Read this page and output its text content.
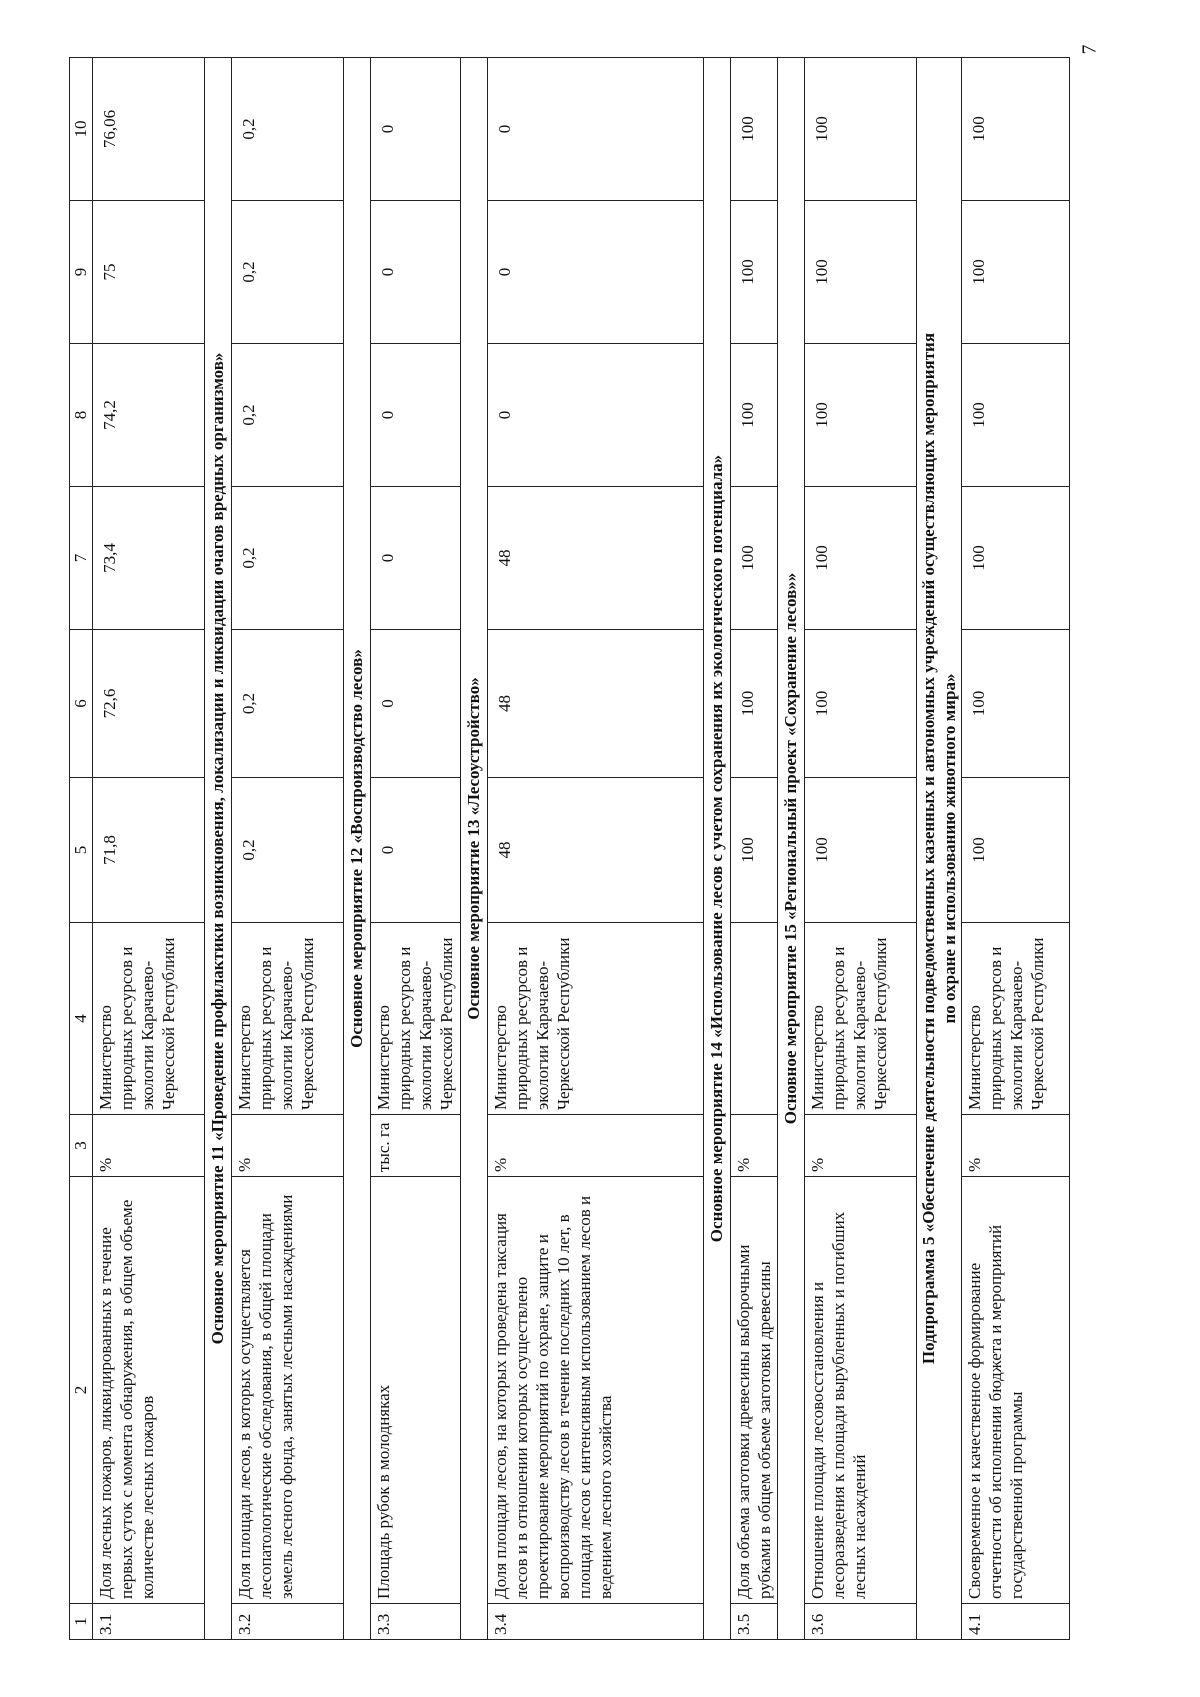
7
1	2	3	4	5	6	7	8	9	10
3.1	Доля лесных пожаров, ликвидированных в течение первых суток с момента обнаружения, в общем объеме количестве лесных пожаров	%	Министерство природных ресурсов и экологии Карачаево-Черкесской Республики	71,8	72,6	73,4	74,2	75	76,06
Основное мероприятие 11 «Проведение профилактики возникновения, локализации и ликвидации очагов вредных организмов»									
3.2	Доля площади лесов, в которых осуществляется лесопатологические обследования, в общей площади земель лесного фонда, занятых лесными насаждениями	%	Министерство природных ресурсов и экологии Карачаево-Черкесской Республики	0,2	0,2	0,2	0,2	0,2	0,2
Основное мероприятие 12 «Воспроизводство лесов»									
3.3	Площадь рубок в молодняках	тыс. га	Министерство природных ресурсов и экологии Карачаево-Черкесской Республики	0	0	0	0	0	0
Основное мероприятие 13 «Лесоустройство»									
3.4	Доля площади лесов, на которых проведена таксация лесов и в отношении которых осуществлено проектирование мероприятий по охране, защите и воспроизводству лесов в течение последних 10 лет, в площади лесов с интенсивным использованием лесов и ведением лесного хозяйства	%	Министерство природных ресурсов и экологии Карачаево-Черкесской Республики	48	48	48	0	0	0
Основное мероприятие 14 «Использование лесов с учетом сохранения их экологического потенциала»									
3.5	Доля объема заготовки древесины выборочными рубками в общем объеме заготовки древесины	%		100	100	100	100	100	100
Основное мероприятие 15 «Региональный проект «Сохранение лесов»»									
3.6	Отношение площади лесовосстановления и лесоразведения к площади вырубленных и погибших лесных насаждений	%	Министерство природных ресурсов и экологии Карачаево-Черкесской Республики	100	100	100	100	100	100

Подпрограмма 5 «Обеспечение деятельности подведомственных казенных и автономных учреждений осуществляющих мероприятия по охране и использованию животного мира»									

4.1	Своевременное и качественное формирование отчетности об исполнении бюджета и мероприятий государственной программы	%	Министерство природных ресурсов и экологии Карачаево-Черкесской Республики	100	100	100	100	100	100
